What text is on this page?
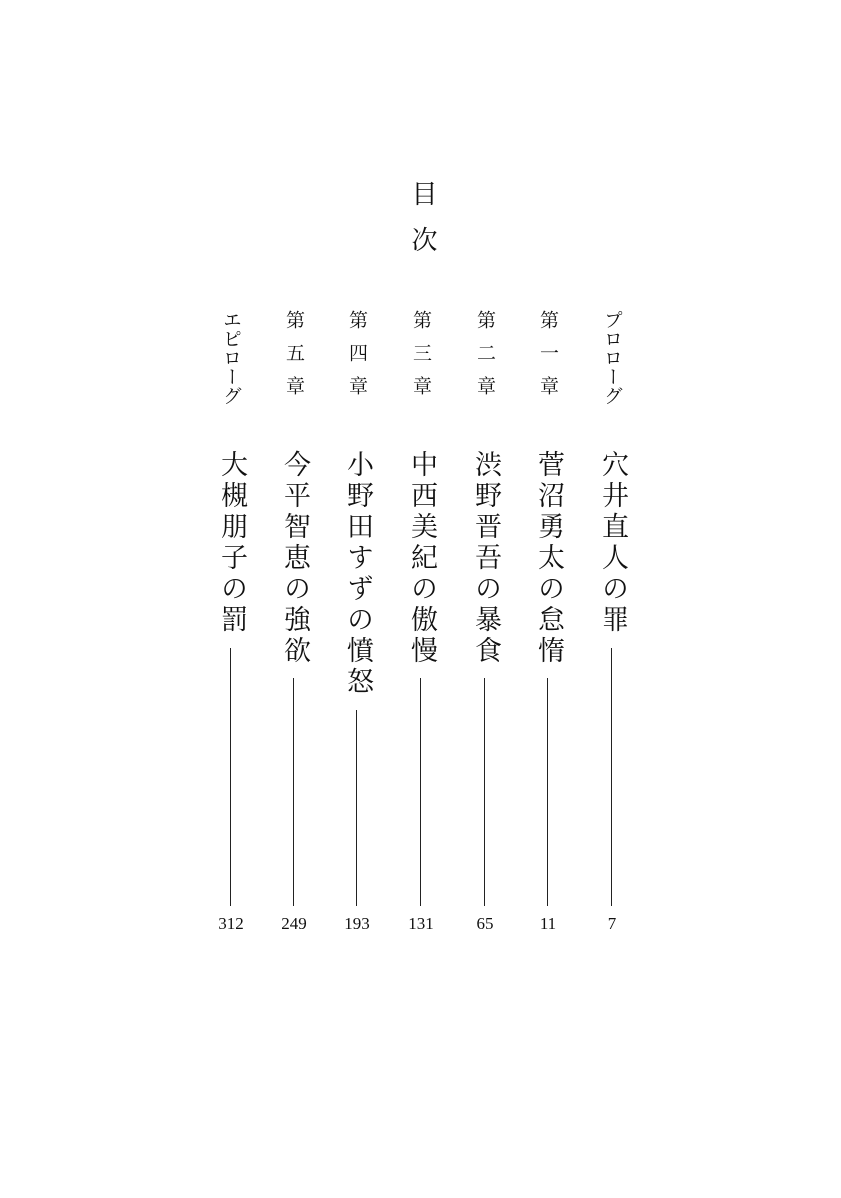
目次
プロローグ
穴井直人の罪
7
第一章
菅沼勇太の怠惰
11
第二章
渋野晋吾の暴食
65
第三章
中西美紀の傲慢
131
第四章
小野田すずの憤怒
193
第五章
今平智恵の強欲
249
エピローグ
大槻朋子の罰
312
